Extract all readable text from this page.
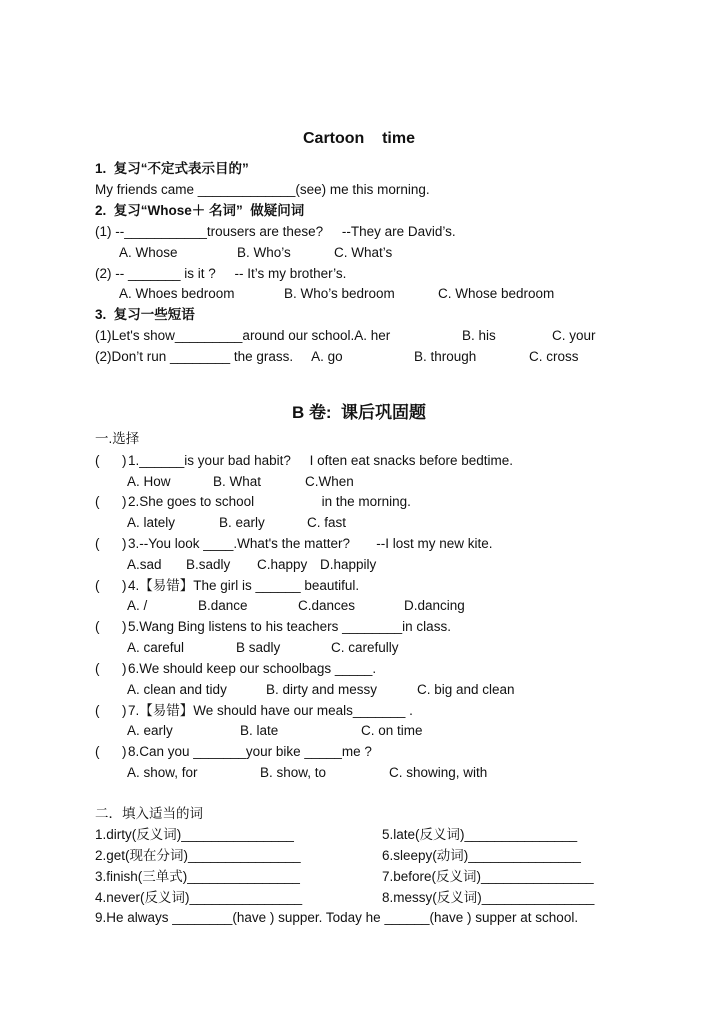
Cartoon    time
1.  复习“不定式表示目的”
My friends came _____________(see) me this morning.
2.  复习“Whose＋ 名词”  做疑问词
(1) --___________trousers are these?     --They are David’s.
A. Whose	B. Who’s	C. What’s
(2) -- _______ is it ?     -- It’s my brother’s.
A. Whoes bedroom	B. Who’s bedroom	C. Whose bedroom
3.  复习一些短语
(1)Let's show_________around our school.A. her	B. his	C. your
(2)Don’t run ________ the grass.     A. go	B. through	C. cross
B 卷:  课后巩固题
一.选择
( ) 1.______is your bad habit?     I often eat snacks before bedtime.
A. How	B. What	C.When
( ) 2.She goes to school                  in the morning.
A. lately	B. early	C. fast
( ) 3.--You look ____.What's the matter?       --I lost my new kite.
A.sad B.sadly C.happy D.happily
( ) 4.【易错】The girl is ______ beautiful.
A. /	B.dance	C.dances	D.dancing
( ) 5.Wang Bing listens to his teachers ________in class.
A. careful	B sadly	C. carefully
( ) 6.We should keep our schoolbags _____.
A. clean and tidy	B. dirty and messy	C. big and clean
( ) 7.【易错】We should have our meals_______ .
A. early	B. late	C. on time
( ) 8.Can you _______your bike _____me ?
A. show, for	B. show, to	C. showing, with
二．填入适当的词
1.dirty(反义词)_______________	5.late(反义词)_______________
2.get(现在分词)_______________	6.sleepy(动词)_______________
3.finish(三单式)_______________	7.before(反义词)_______________
4.never(反义词)_______________	8.messy(反义词)_______________
9.He always ________(have ) supper. Today he ______(have ) supper at school.
